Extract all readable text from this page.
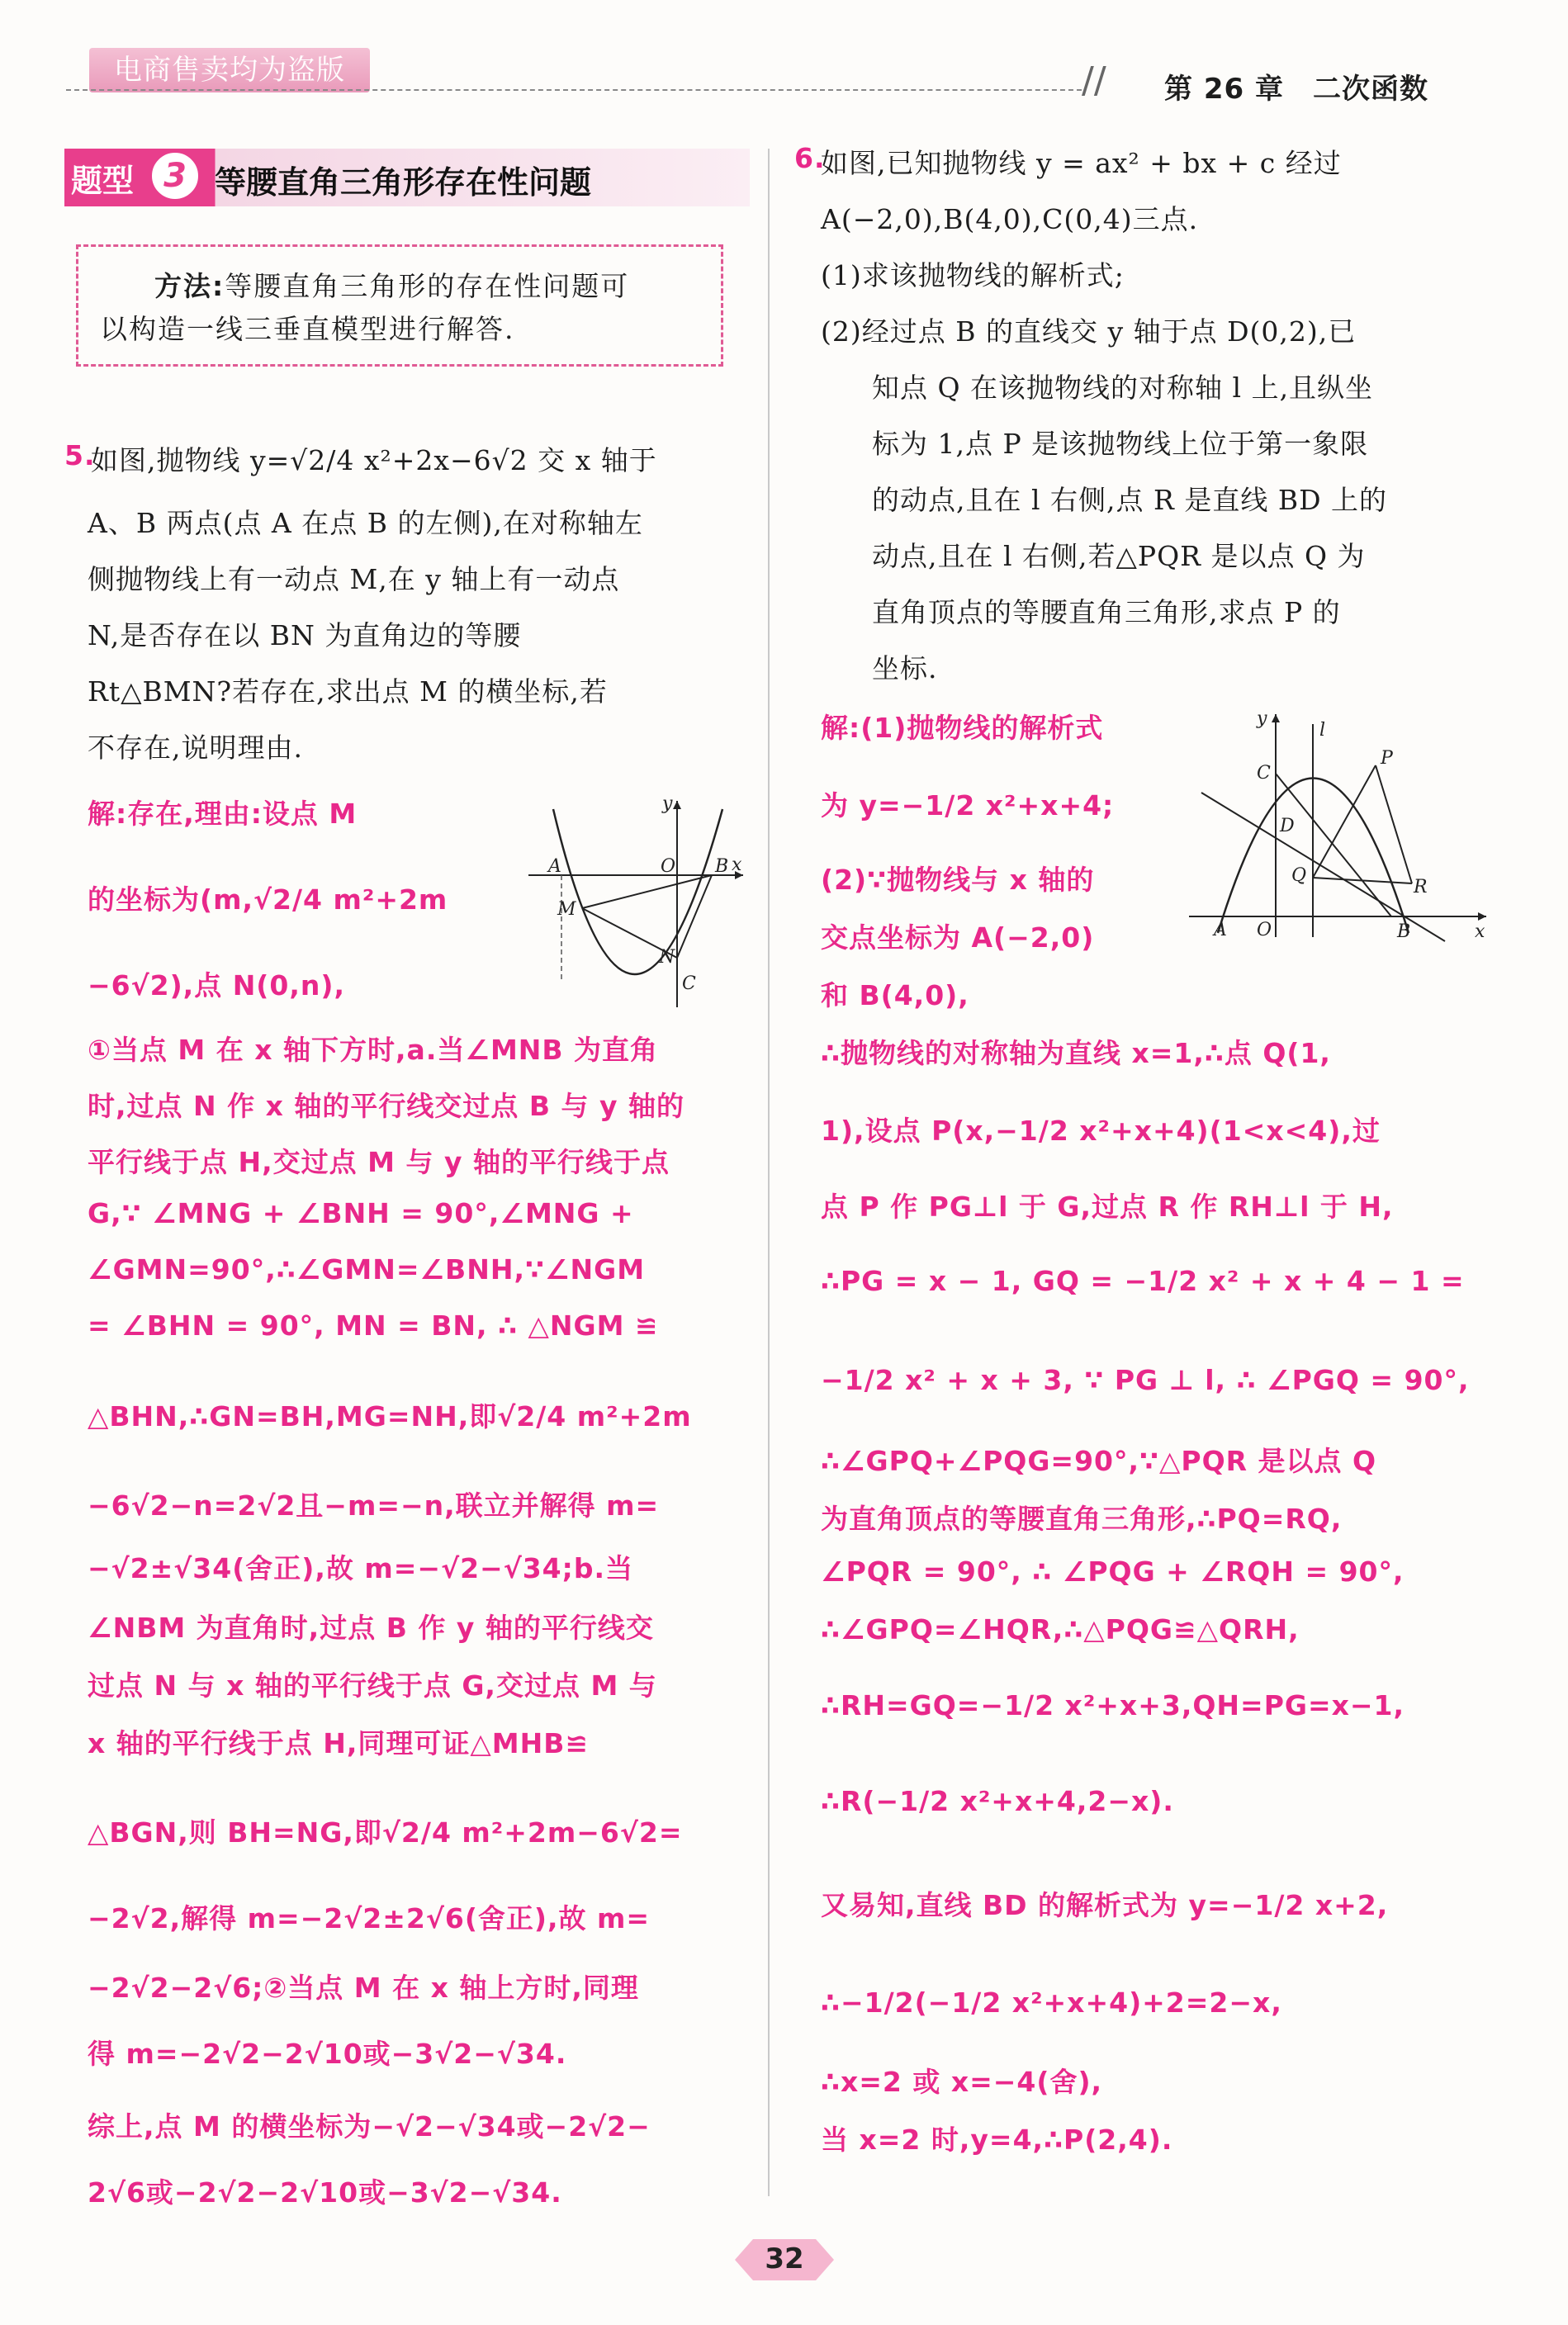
电商售卖均为盗版	// 第 26 章　二次函数
题型 3 等腰直角三角形存在性问题
方法:等腰直角三角形的存在性问题可
以构造一线三垂直模型进行解答.
5.
如图,抛物线 y=√2/4 x²+2x−6√2 交 x 轴于
A、B 两点(点 A 在点 B 的左侧),在对称轴左
侧抛物线上有一动点 M,在 y 轴上有一动点
N,是否存在以 BN 为直角边的等腰
Rt△BMN?若存在,求出点 M 的横坐标,若
不存在,说明理由.
解:存在,理由:设点 M
的坐标为(m,√2/4 m²+2m
−6√2),点 N(0,n),
①当点 M 在 x 轴下方时,a.当∠MNB 为直角
时,过点 N 作 x 轴的平行线交过点 B 与 y 轴的
平行线于点 H,交过点 M 与 y 轴的平行线于点
G,∵ ∠MNG + ∠BNH = 90°,∠MNG +
∠GMN=90°,∴∠GMN=∠BNH,∵∠NGM
= ∠BHN = 90°, MN = BN, ∴ △NGM ≌
△BHN,∴GN=BH,MG=NH,即√2/4 m²+2m
−6√2−n=2√2且−m=−n,联立并解得 m=
−√2±√34(舍正),故 m=−√2−√34;b.当
∠NBM 为直角时,过点 B 作 y 轴的平行线交
过点 N 与 x 轴的平行线于点 G,交过点 M 与
x 轴的平行线于点 H,同理可证△MHB≌
△BGN,则 BH=NG,即√2/4 m²+2m−6√2=
−2√2,解得 m=−2√2±2√6(舍正),故 m=
−2√2−2√6;②当点 M 在 x 轴上方时,同理
得 m=−2√2−2√10或−3√2−√34.
综上,点 M 的横坐标为−√2−√34或−2√2−
2√6或−2√2−2√10或−3√2−√34.
y
x
A	O B
M
N
C
6.
如图,已知抛物线 y = ax² + bx + c 经过
A(−2,0),B(4,0),C(0,4)三点.
(1)求该抛物线的解析式;
(2)经过点 B 的直线交 y 轴于点 D(0,2),已
知点 Q 在该抛物线的对称轴 l 上,且纵坐
标为 1,点 P 是该抛物线上位于第一象限
的动点,且在 l 右侧,点 R 是直线 BD 上的
动点,且在 l 右侧,若△PQR 是以点 Q 为
直角顶点的等腰直角三角形,求点 P 的
坐标.
解:(1)抛物线的解析式
为 y=−1/2 x²+x+4;
(2)∵抛物线与 x 轴的
交点坐标为 A(−2,0)
和 B(4,0),
∴抛物线的对称轴为直线 x=1,∴点 Q(1,
1),设点 P(x,−1/2 x²+x+4)(1<x<4),过
点 P 作 PG⊥l 于 G,过点 R 作 RH⊥l 于 H,
∴PG = x − 1, GQ = −1/2 x² + x + 4 − 1 =
−1/2 x² + x + 3, ∵ PG ⊥ l, ∴ ∠PGQ = 90°,
∴∠GPQ+∠PQG=90°,∵△PQR 是以点 Q
为直角顶点的等腰直角三角形,∴PQ=RQ,
∠PQR = 90°, ∴ ∠PQG + ∠RQH = 90°,
∴∠GPQ=∠HQR,∴△PQG≌△QRH,
∴RH=GQ=−1/2 x²+x+3,QH=PG=x−1,
∴R(−1/2 x²+x+4,2−x).
又易知,直线 BD 的解析式为 y=−1/2 x+2,
∴−1/2(−1/2 x²+x+4)+2=2−x,
∴x=2 或 x=−4(舍),
当 x=2 时,y=4,∴P(2,4).
y
l
C
P
D
Q
R
A O	B	x
32
